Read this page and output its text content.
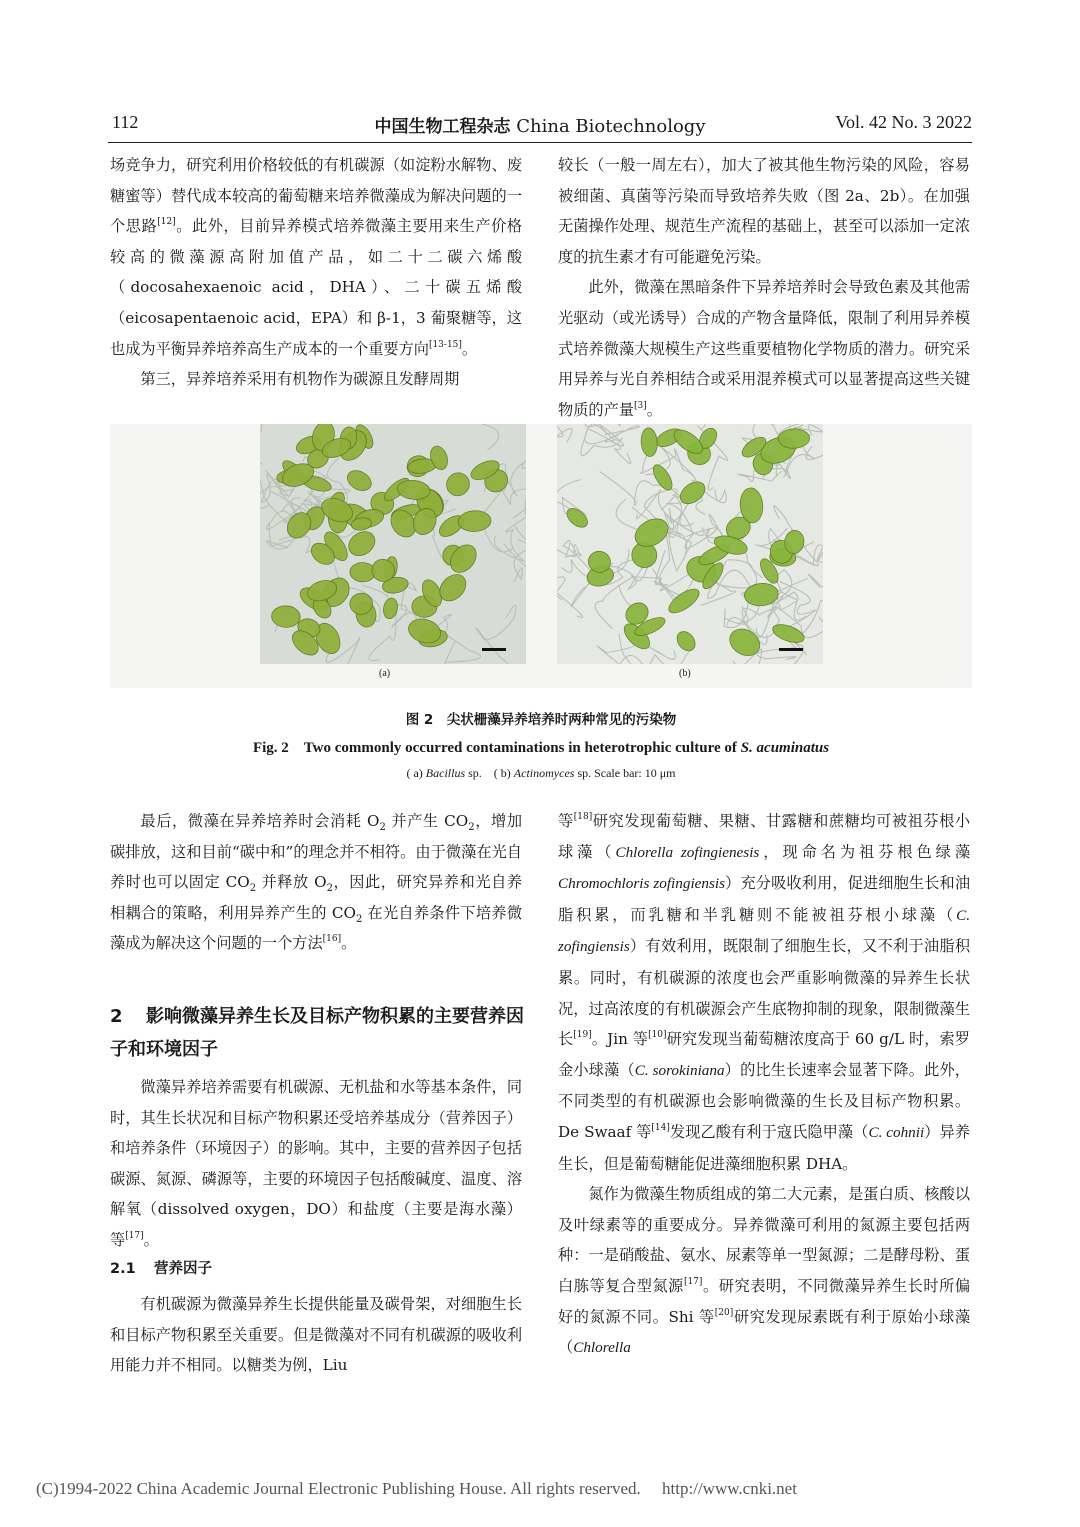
112	中国生物工程杂志 China Biotechnology	Vol. 42 No. 3 2022

场竞争力，研究利用价格较低的有机碳源（如淀粉水解物、废糖蜜等）替代成本较高的葡萄糖来培养微藻成为解决问题的一个思路[12]。此外，目前异养模式培养微藻主要用来生产价格较高的微藻源高附加值产品，如二十二碳六烯酸（docosahexaenoic acid，DHA）、二十碳五烯酸（eicosapentaenoic acid，EPA）和 β-1，3 葡聚糖等，这也成为平衡异养培养高生产成本的一个重要方向[13-15]。

第三，异养培养采用有机物作为碳源且发酵周期

较长（一般一周左右），加大了被其他生物污染的风险，容易被细菌、真菌等污染而导致培养失败（图 2a、2b）。在加强无菌操作处理、规范生产流程的基础上，甚至可以添加一定浓度的抗生素才有可能避免污染。

此外，微藻在黑暗条件下异养培养时会导致色素及其他需光驱动（或光诱导）合成的产物含量降低，限制了利用异养模式培养微藻大规模生产这些重要植物化学物质的潜力。研究采用异养与光自养相结合或采用混养模式可以显著提高这些关键物质的产量[3]。

(a)	(b)
图 2　尖状栅藻异养培养时两种常见的污染物
Fig. 2　Two commonly occurred contaminations in heterotrophic culture of S. acuminatus
( a) Bacillus sp.　( b) Actinomyces sp. Scale bar: 10 μm

最后，微藻在异养培养时会消耗 $O_2$ 并产生 $CO_2$，增加碳排放，这和目前“碳中和”的理念并不相符。由于微藻在光自养时也可以固定 $CO_2$ 并释放 $O_2$，因此，研究异养和光自养相耦合的策略，利用异养产生的 $CO_2$ 在光自养条件下培养微藻成为解决这个问题的一个方法[16]。

2 影响微藻异养生长及目标产物积累的主要营养因子和环境因子

微藻异养培养需要有机碳源、无机盐和水等基本条件，同时，其生长状况和目标产物积累还受培养基成分（营养因子）和培养条件（环境因子）的影响。其中，主要的营养因子包括碳源、氮源、磷源等，主要的环境因子包括酸碱度、温度、溶解氧（dissolved oxygen，DO）和盐度（主要是海水藻）等[17]。

2.1 营养因子

有机碳源为微藻异养生长提供能量及碳骨架，对细胞生长和目标产物积累至关重要。但是微藻对不同有机碳源的吸收利用能力并不相同。以糖类为例，Liu

等[18]研究发现葡萄糖、果糖、甘露糖和蔗糖均可被祖芬根小球藻（Chlorella zofingienesis，现命名为祖芬根色绿藻 Chromochloris zofingiensis）充分吸收利用，促进细胞生长和油脂积累，而乳糖和半乳糖则不能被祖芬根小球藻（C. zofingiensis）有效利用，既限制了细胞生长，又不利于油脂积累。同时，有机碳源的浓度也会严重影响微藻的异养生长状况，过高浓度的有机碳源会产生底物抑制的现象，限制微藻生长[19]。Jin 等[10]研究发现当葡萄糖浓度高于 60 g/L 时，索罗金小球藻（C. sorokiniana）的比生长速率会显著下降。此外，不同类型的有机碳源也会影响微藻的生长及目标产物积累。De Swaaf 等[14]发现乙酸有利于寇氏隐甲藻（C. cohnii）异养生长，但是葡萄糖能促进藻细胞积累 DHA。

氮作为微藻生物质组成的第二大元素，是蛋白质、核酸以及叶绿素等的重要成分。异养微藻可利用的氮源主要包括两种：一是硝酸盐、氨水、尿素等单一型氮源；二是酵母粉、蛋白胨等复合型氮源[17]。研究表明，不同微藻异养生长时所偏好的氮源不同。Shi 等[20]研究发现尿素既有利于原始小球藻（Chlorella

(C)1994-2022 China Academic Journal Electronic Publishing House. All rights reserved.　 http://www.cnki.net
